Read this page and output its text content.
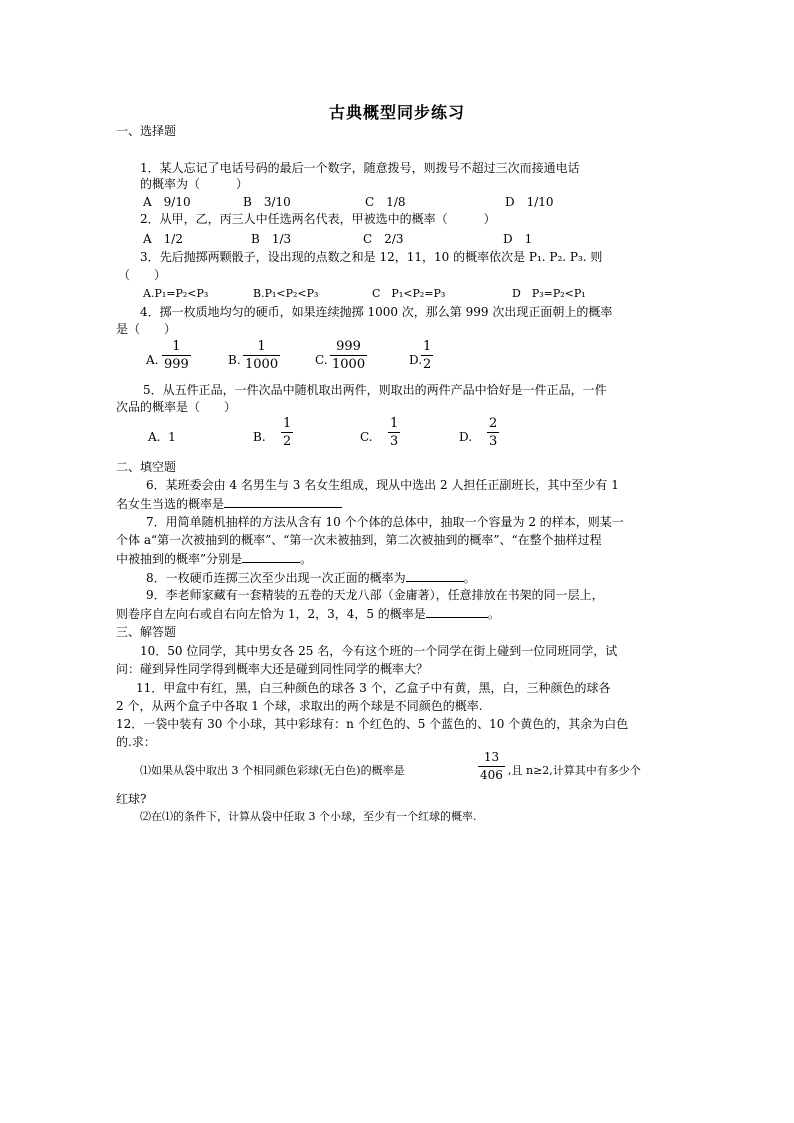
古典概型同步练习
一、选择题
1．某人忘记了电话号码的最后一个数字，随意拨号，则拨号不超过三次而接通电话
的概率为（　　　）
A　9/10	B　3/10	C　1/8	D　1/10
2．从甲，乙，丙三人中任选两名代表，甲被选中的概率（　　　）
A　1/2	B　1/3	C　2/3	D　1
3．先后抛掷两颗骰子，设出现的点数之和是 12，11，10 的概率依次是 P₁. P₂. P₃. 则
（　　）
A.P₁=P₂<P₃	B.P₁<P₂<P₃	C　P₁<P₂=P₃	D　P₃=P₂<P₁
4．掷一枚质地均匀的硬币，如果连续抛掷 1000 次，那么第 999 次出现正面朝上的概率
是（　　）
A. $\frac{1}{999}$	B. $\frac{1}{1000}$	C. $\frac{999}{1000}$	D.
$\frac{1}{2}$
5．从五件正品，一件次品中随机取出两件，则取出的两件产品中恰好是一件正品，一件
次品的概率是（　　）
A. 1	B. $\frac{1}{2}$	C. $\frac{1}{3}$	D. $\frac{2}{3}$
二、填空题
6．某班委会由 4 名男生与 3 名女生组成，现从中选出 2 人担任正副班长，其中至少有 1
名女生当选的概率是
7．用简单随机抽样的方法从含有 10 个个体的总体中，抽取一个容量为 2 的样本，则某一
个体 a“第一次被抽到的概率”、“第一次未被抽到，第二次被抽到的概率”、“在整个抽样过程
中被抽到的概率”分别是	。
8．一枚硬币连掷三次至少出现一次正面的概率为	。
9．李老师家藏有一套精装的五卷的天龙八部（金庸著），任意排放在书架的同一层上，
则卷序自左向右或自右向左恰为 1，2，3，4，5 的概率是	。
三、解答题
10．50 位同学，其中男女各 25 名，今有这个班的一个同学在街上碰到一位同班同学，试
问：碰到异性同学得到概率大还是碰到同性同学的概率大？
11．甲盒中有红，黑，白三种颜色的球各 3 个，乙盒子中有黄，黑，白，三种颜色的球各
2 个，从两个盒子中各取 1 个球，求取出的两个球是不同颜色的概率.
12．一袋中装有 30 个小球，其中彩球有：n 个红色的、5 个蓝色的、10 个黄色的，其余为白色
的.求：
⑴如果从袋中取出 3 个相同颜色彩球(无白色)的概率是	$\frac{13}{406}$ ,且 n≥2,计算其中有多少个
红球?
⑵在⑴的条件下，计算从袋中任取 3 个小球，至少有一个红球的概率.
